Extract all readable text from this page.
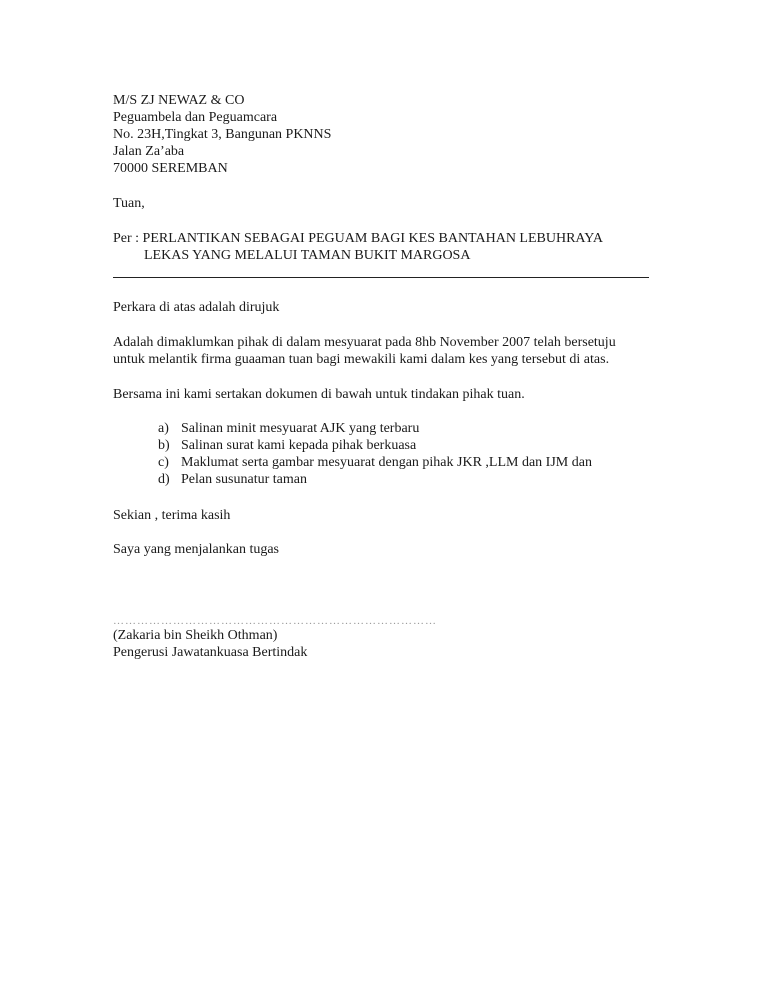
M/S ZJ NEWAZ & CO
Peguambela dan Peguamcara
No. 23H,Tingkat 3, Bangunan PKNNS
Jalan Za’aba
70000 SEREMBAN
Tuan,
Per : PERLANTIKAN SEBAGAI PEGUAM BAGI KES BANTAHAN LEBUHRAYA
LEKAS YANG MELALUI TAMAN BUKIT MARGOSA
Perkara di atas adalah dirujuk
Adalah dimaklumkan pihak di dalam mesyuarat pada 8hb November 2007 telah bersetuju
untuk melantik firma guaaman tuan bagi mewakili kami dalam kes yang tersebut di atas.
Bersama ini kami sertakan dokumen di bawah untuk tindakan pihak tuan.
a) Salinan minit mesyuarat AJK yang terbaru
b) Salinan surat kami kepada pihak berkuasa
c) Maklumat serta gambar mesyuarat dengan pihak JKR ,LLM dan IJM dan
d) Pelan susunatur taman
Sekian , terima kasih
Saya yang menjalankan tugas
………………………………………………………………………
(Zakaria bin Sheikh Othman)
Pengerusi Jawatankuasa Bertindak
